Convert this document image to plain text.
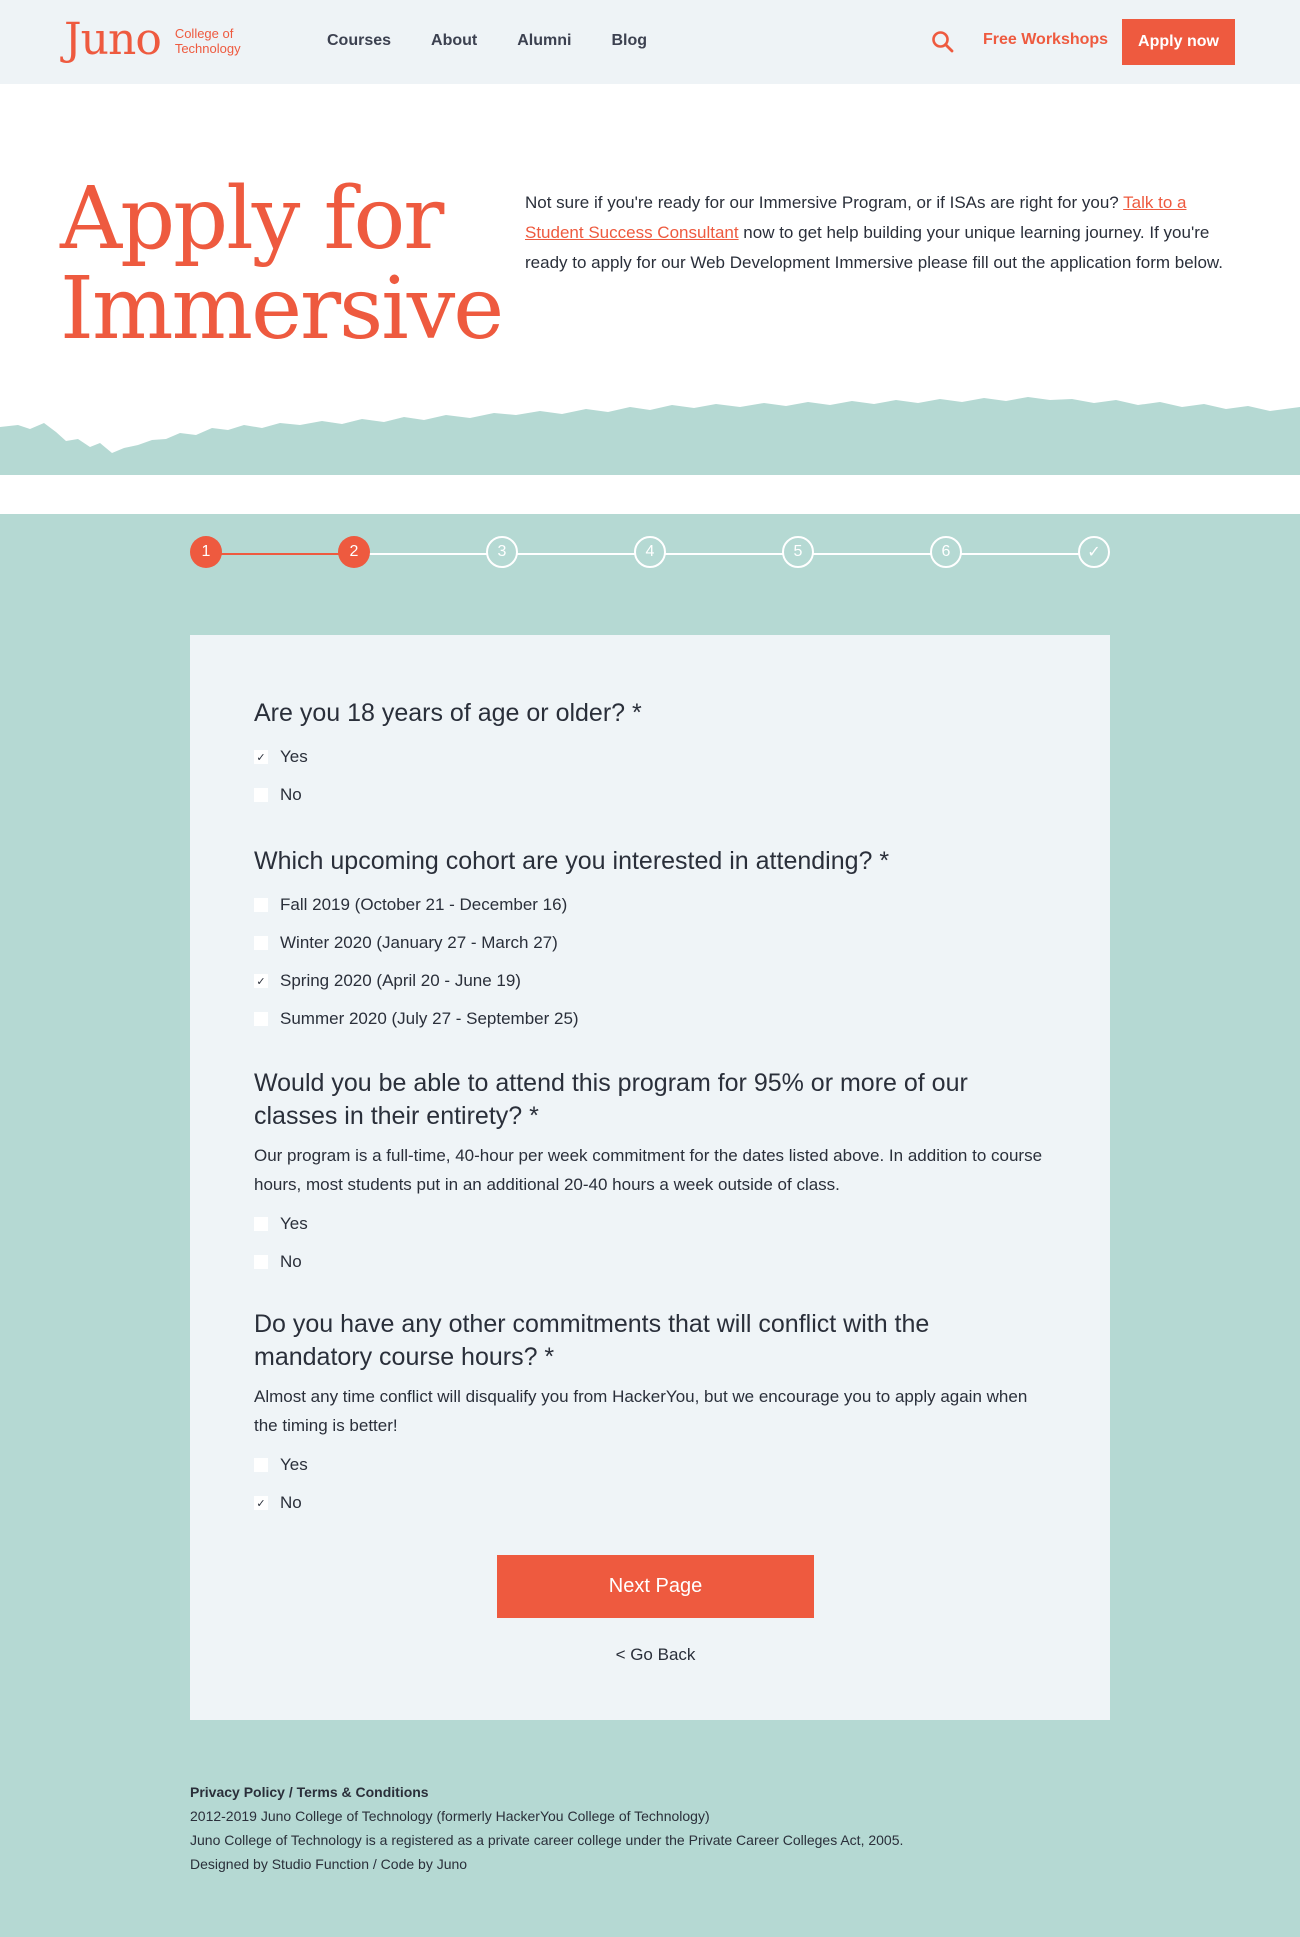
Juno College of
Technology	Courses	About	Alumni	Blog	Free Workshops	Apply now
Apply for
Immersive

Not sure if you're ready for our Immersive Program, or if ISAs are right for you? Talk to a Student Success Consultant now to get help building your unique learning journey. If you're ready to apply for our Web Development Immersive please fill out the application form below.

1	2	3	4	5	6	✓
Are you 18 years of age or older? *
✓ Yes
No
Which upcoming cohort are you interested in attending? *
Fall 2019 (October 21 - December 16)
Winter 2020 (January 27 - March 27)
✓ Spring 2020 (April 20 - June 19)
Summer 2020 (July 27 - September 25)
Would you be able to attend this program for 95% or more of our classes in their entirety? *

Our program is a full-time, 40-hour per week commitment for the dates listed above. In addition to course hours, most students put in an additional 20-40 hours a week outside of class.

Yes
No
Do you have any other commitments that will conflict with the mandatory course hours? *

Almost any time conflict will disqualify you from HackerYou, but we encourage you to apply again when the timing is better!

Yes
✓ No
Next Page
< Go Back
Privacy Policy / Terms & Conditions
2012-2019 Juno College of Technology (formerly HackerYou College of Technology)
Juno College of Technology is a registered as a private career college under the Private Career Colleges Act, 2005.
Designed by Studio Function / Code by Juno
